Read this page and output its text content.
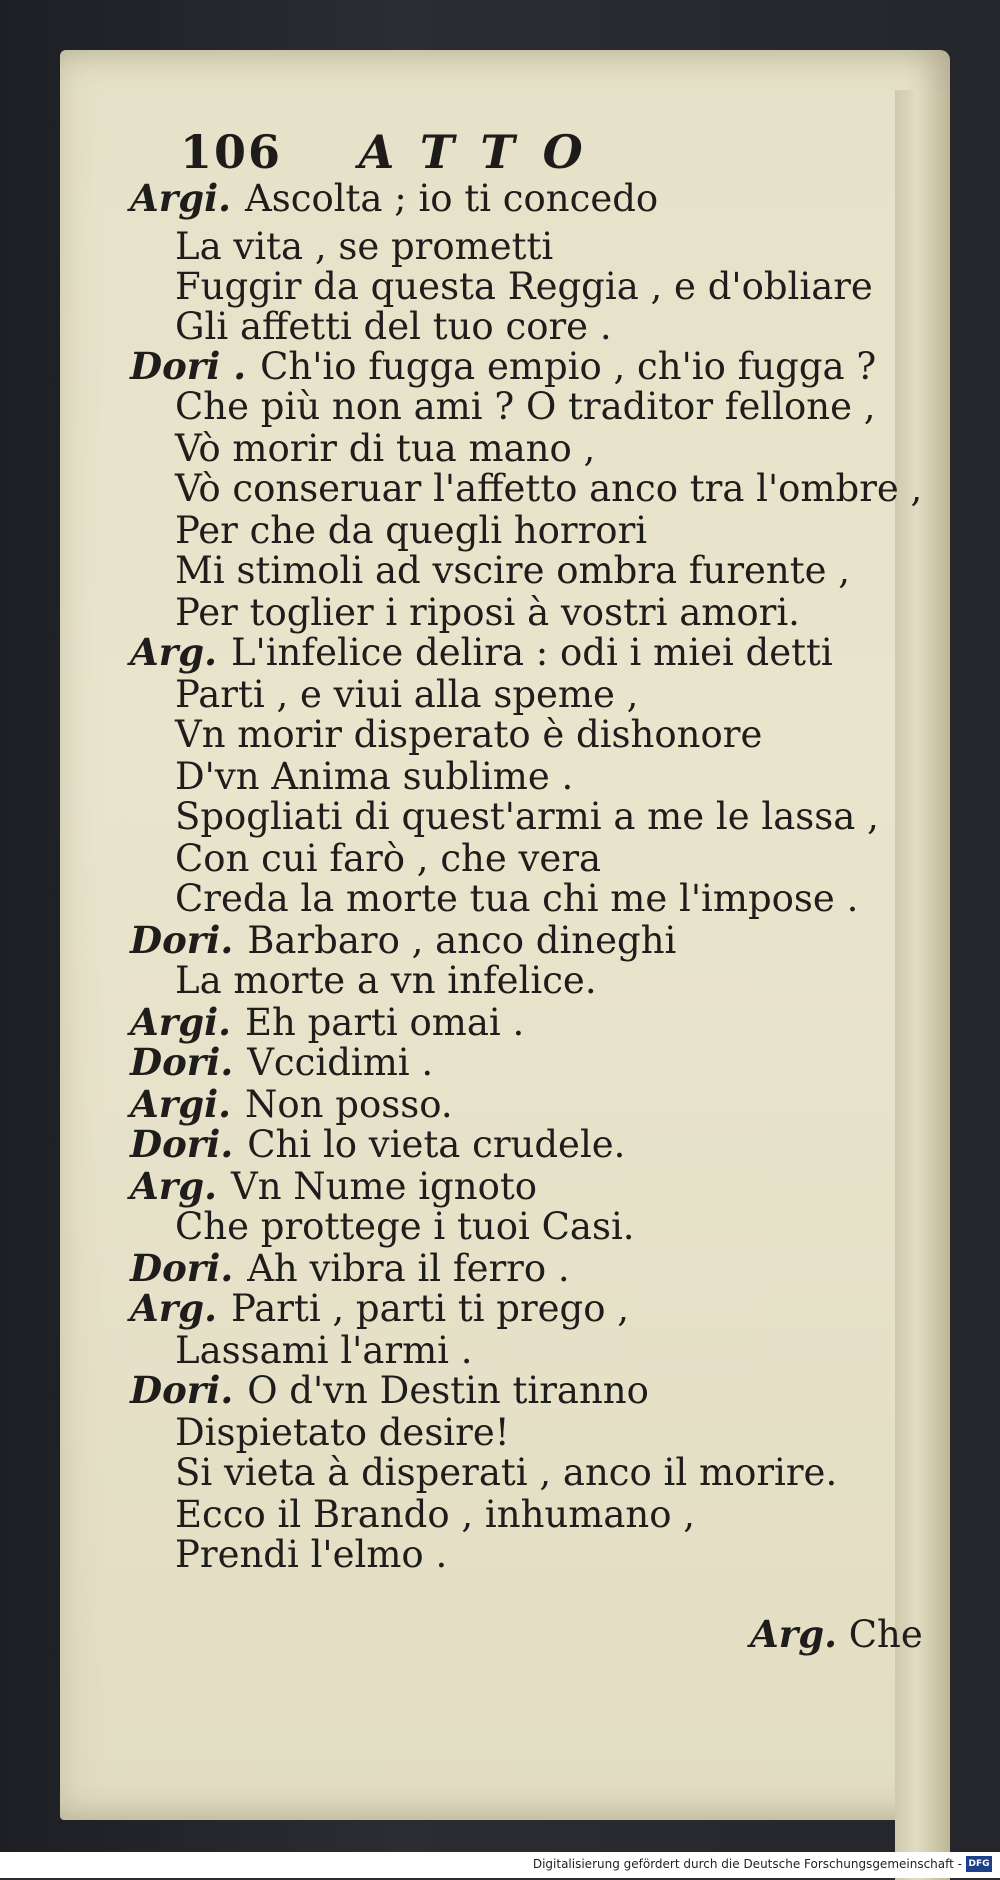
106 ATTO
Argi. Ascolta ; io ti concedo
La vita , se prometti
Fuggir da questa Reggia , e d'obliare
Gli affetti del tuo core .
Dori . Ch'io fugga empio , ch'io fugga ?
Che più non ami ? O traditor fellone ,
Vò morir di tua mano ,
Vò conseruar l'affetto anco tra l'ombre ,
Per che da quegli horrori
Mi stimoli ad vscire ombra furente ,
Per toglier i riposi à vostri amori.
Arg. L'infelice delira : odi i miei detti
Parti , e viui alla speme ,
Vn morir disperato è dishonore
D'vn Anima sublime .
Spogliati di quest'armi a me le lassa ,
Con cui farò , che vera
Creda la morte tua chi me l'impose .
Dori. Barbaro , anco dineghi
La morte a vn infelice.
Argi. Eh parti omai .
Dori. Vccidimi .
Argi. Non posso.
Dori. Chi lo vieta crudele.
Arg. Vn Nume ignoto
Che prottege i tuoi Casi.
Dori. Ah vibra il ferro .
Arg. Parti , parti ti prego ,
Lassami l'armi .
Dori. O d'vn Destin tiranno
Dispietato desire!
Si vieta à disperati , anco il morire.
Ecco il Brando , inhumano ,
Prendi l'elmo .
Arg. Che
Digitalisierung gefördert durch die Deutsche Forschungsgemeinschaft - DFG
